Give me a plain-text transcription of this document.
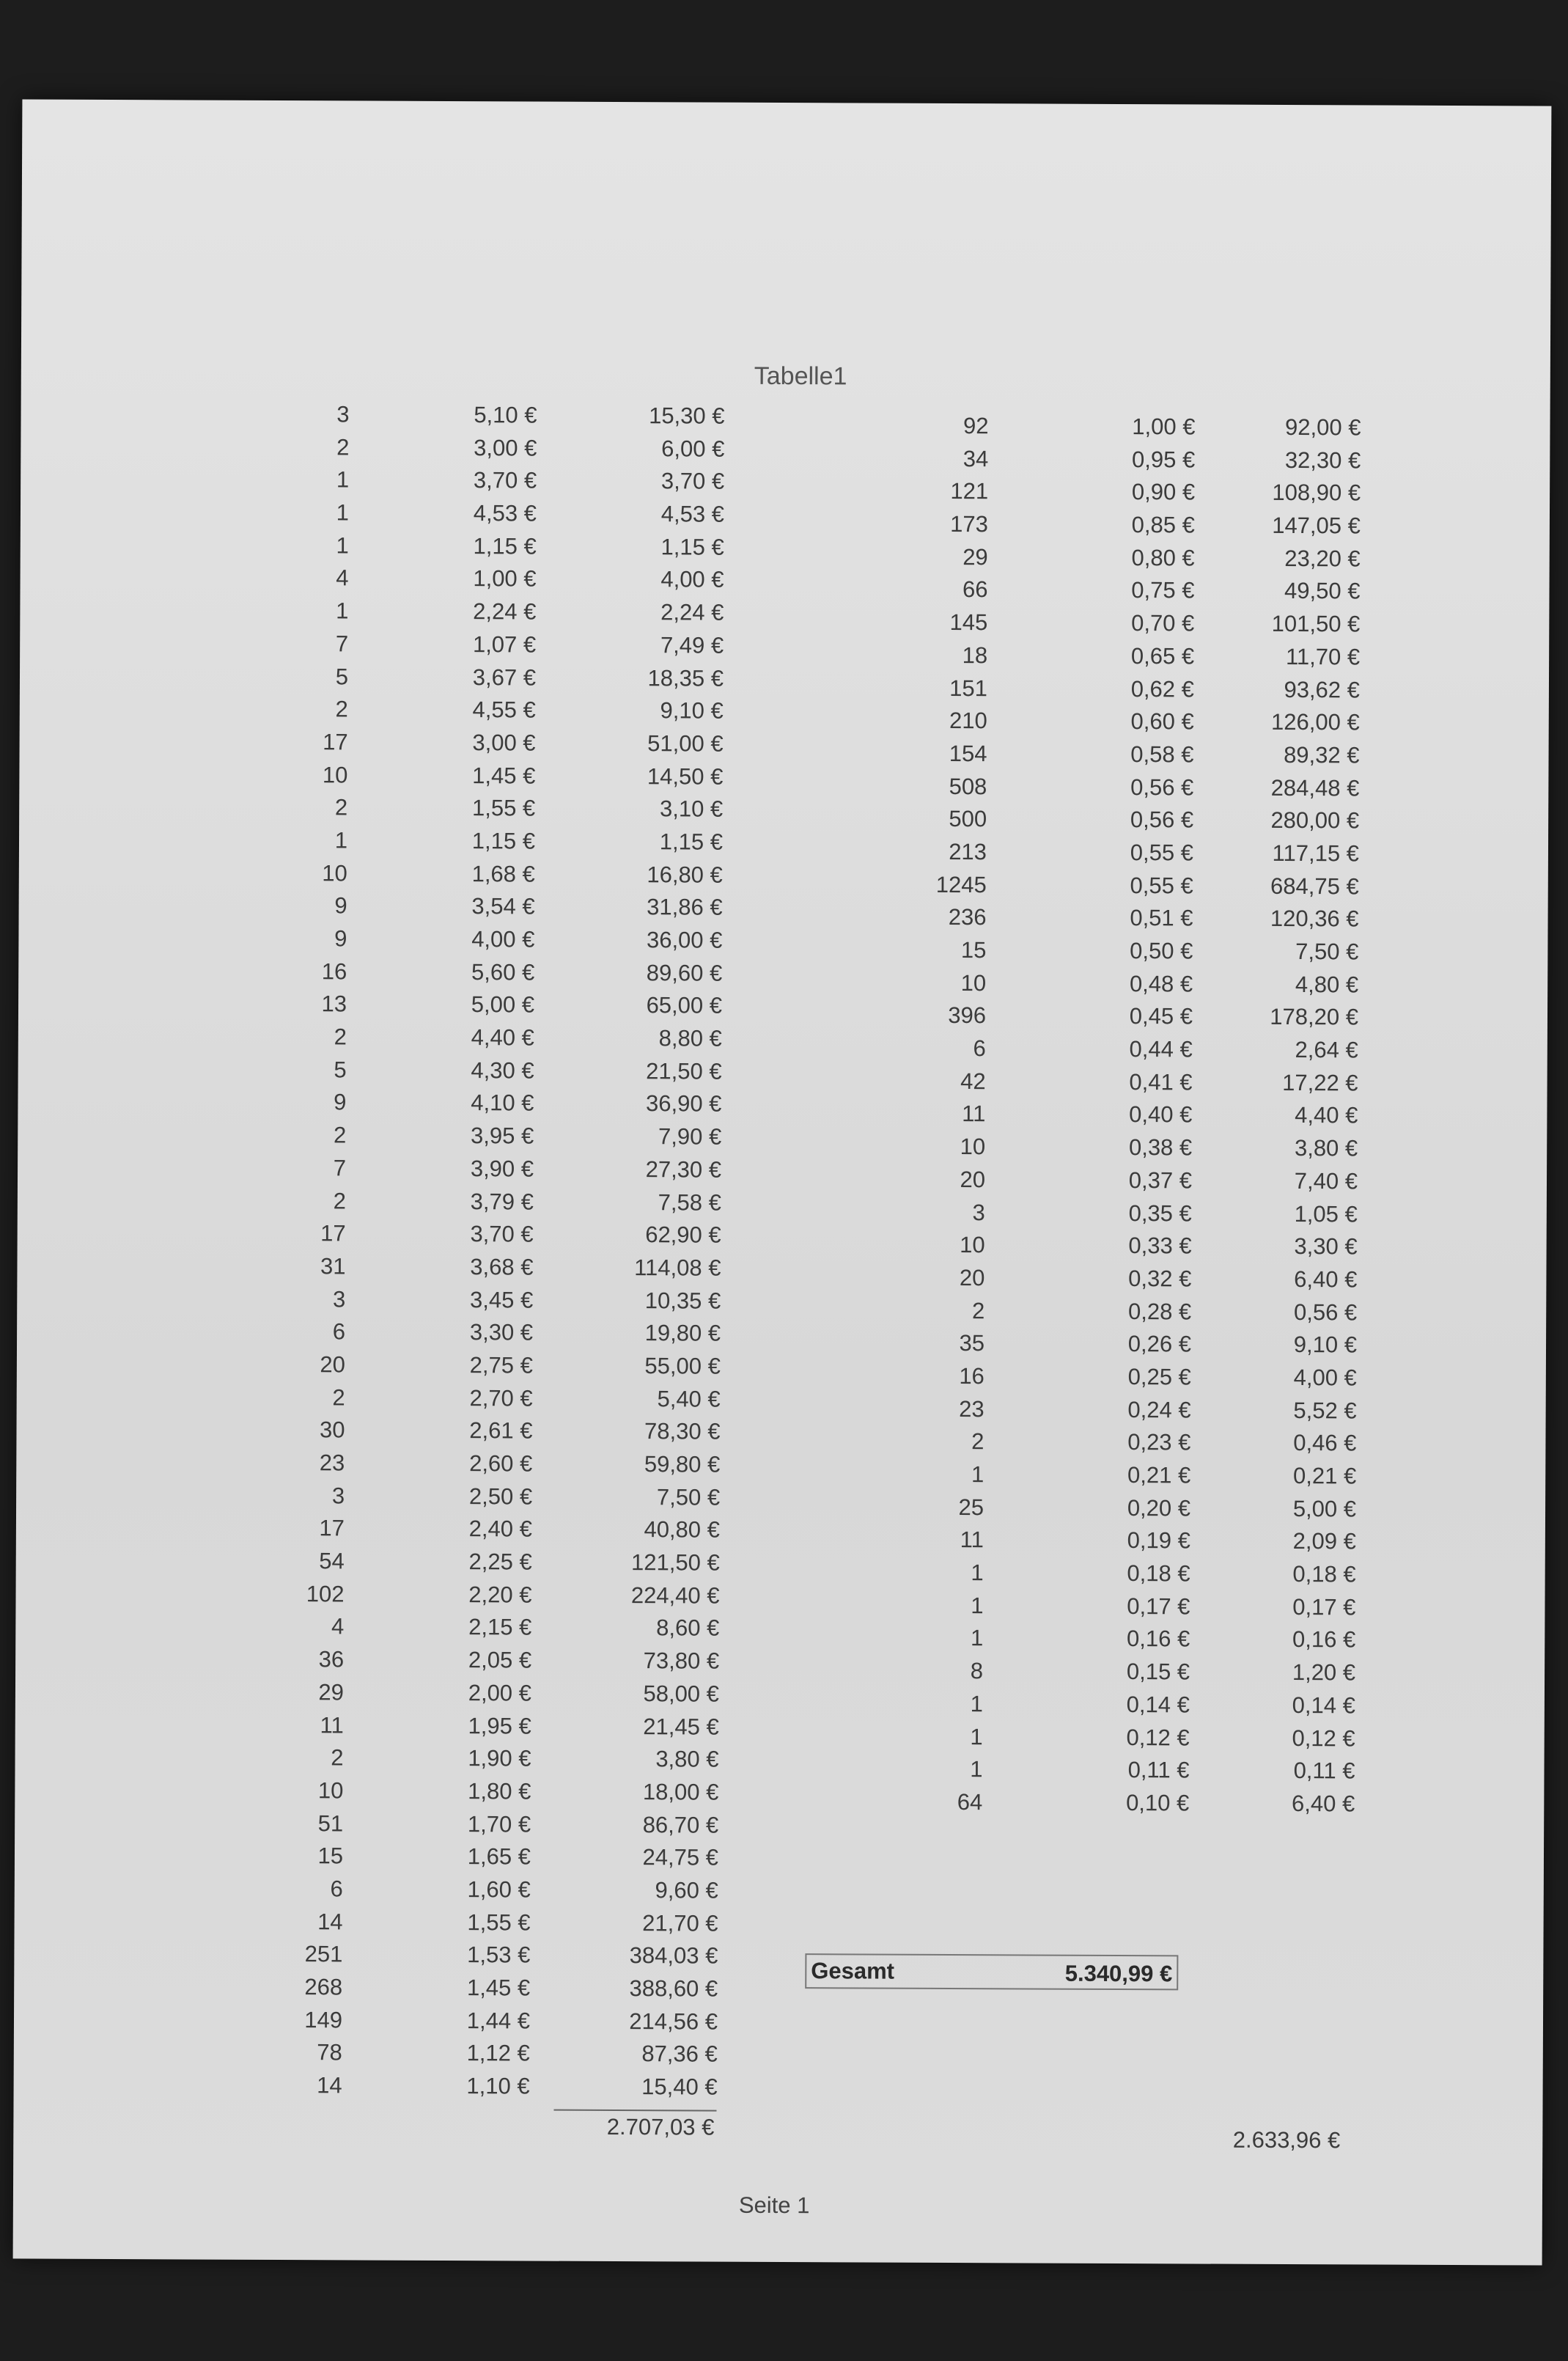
Tabelle1
3	5,10 €	15,30 €
2	3,00 €	6,00 €
1	3,70 €	3,70 €
1	4,53 €	4,53 €
1	1,15 €	1,15 €
4	1,00 €	4,00 €
1	2,24 €	2,24 €
7	1,07 €	7,49 €
5	3,67 €	18,35 €
2	4,55 €	9,10 €
17	3,00 €	51,00 €
10	1,45 €	14,50 €
2	1,55 €	3,10 €
1	1,15 €	1,15 €
10	1,68 €	16,80 €
9	3,54 €	31,86 €
9	4,00 €	36,00 €
16	5,60 €	89,60 €
13	5,00 €	65,00 €
2	4,40 €	8,80 €
5	4,30 €	21,50 €
9	4,10 €	36,90 €
2	3,95 €	7,90 €
7	3,90 €	27,30 €
2	3,79 €	7,58 €
17	3,70 €	62,90 €
31	3,68 €	114,08 €
3	3,45 €	10,35 €
6	3,30 €	19,80 €
20	2,75 €	55,00 €
2	2,70 €	5,40 €
30	2,61 €	78,30 €
23	2,60 €	59,80 €
3	2,50 €	7,50 €
17	2,40 €	40,80 €
54	2,25 €	121,50 €
102	2,20 €	224,40 €
4	2,15 €	8,60 €
36	2,05 €	73,80 €
29	2,00 €	58,00 €
11	1,95 €	21,45 €
2	1,90 €	3,80 €
10	1,80 €	18,00 €
51	1,70 €	86,70 €
15	1,65 €	24,75 €
6	1,60 €	9,60 €
14	1,55 €	21,70 €
251	1,53 €	384,03 €
268	1,45 €	388,60 €
149	1,44 €	214,56 €
78	1,12 €	87,36 €
14	1,10 €	15,40 €
2.707,03 €
92	1,00 €	92,00 €
34	0,95 €	32,30 €
121	0,90 €	108,90 €
173	0,85 €	147,05 €
29	0,80 €	23,20 €
66	0,75 €	49,50 €
145	0,70 €	101,50 €
18	0,65 €	11,70 €
151	0,62 €	93,62 €
210	0,60 €	126,00 €
154	0,58 €	89,32 €
508	0,56 €	284,48 €
500	0,56 €	280,00 €
213	0,55 €	117,15 €
1245	0,55 €	684,75 €
236	0,51 €	120,36 €
15	0,50 €	7,50 €
10	0,48 €	4,80 €
396	0,45 €	178,20 €
6	0,44 €	2,64 €
42	0,41 €	17,22 €
11	0,40 €	4,40 €
10	0,38 €	3,80 €
20	0,37 €	7,40 €
3	0,35 €	1,05 €
10	0,33 €	3,30 €
20	0,32 €	6,40 €
2	0,28 €	0,56 €
35	0,26 €	9,10 €
16	0,25 €	4,00 €
23	0,24 €	5,52 €
2	0,23 €	0,46 €
1	0,21 €	0,21 €
25	0,20 €	5,00 €
11	0,19 €	2,09 €
1	0,18 €	0,18 €
1	0,17 €	0,17 €
1	0,16 €	0,16 €
8	0,15 €	1,20 €
1	0,14 €	0,14 €
1	0,12 €	0,12 €
1	0,11 €	0,11 €
64	0,10 €	6,40 €
Gesamt	5.340,99 €
2.633,96 €
Seite 1
